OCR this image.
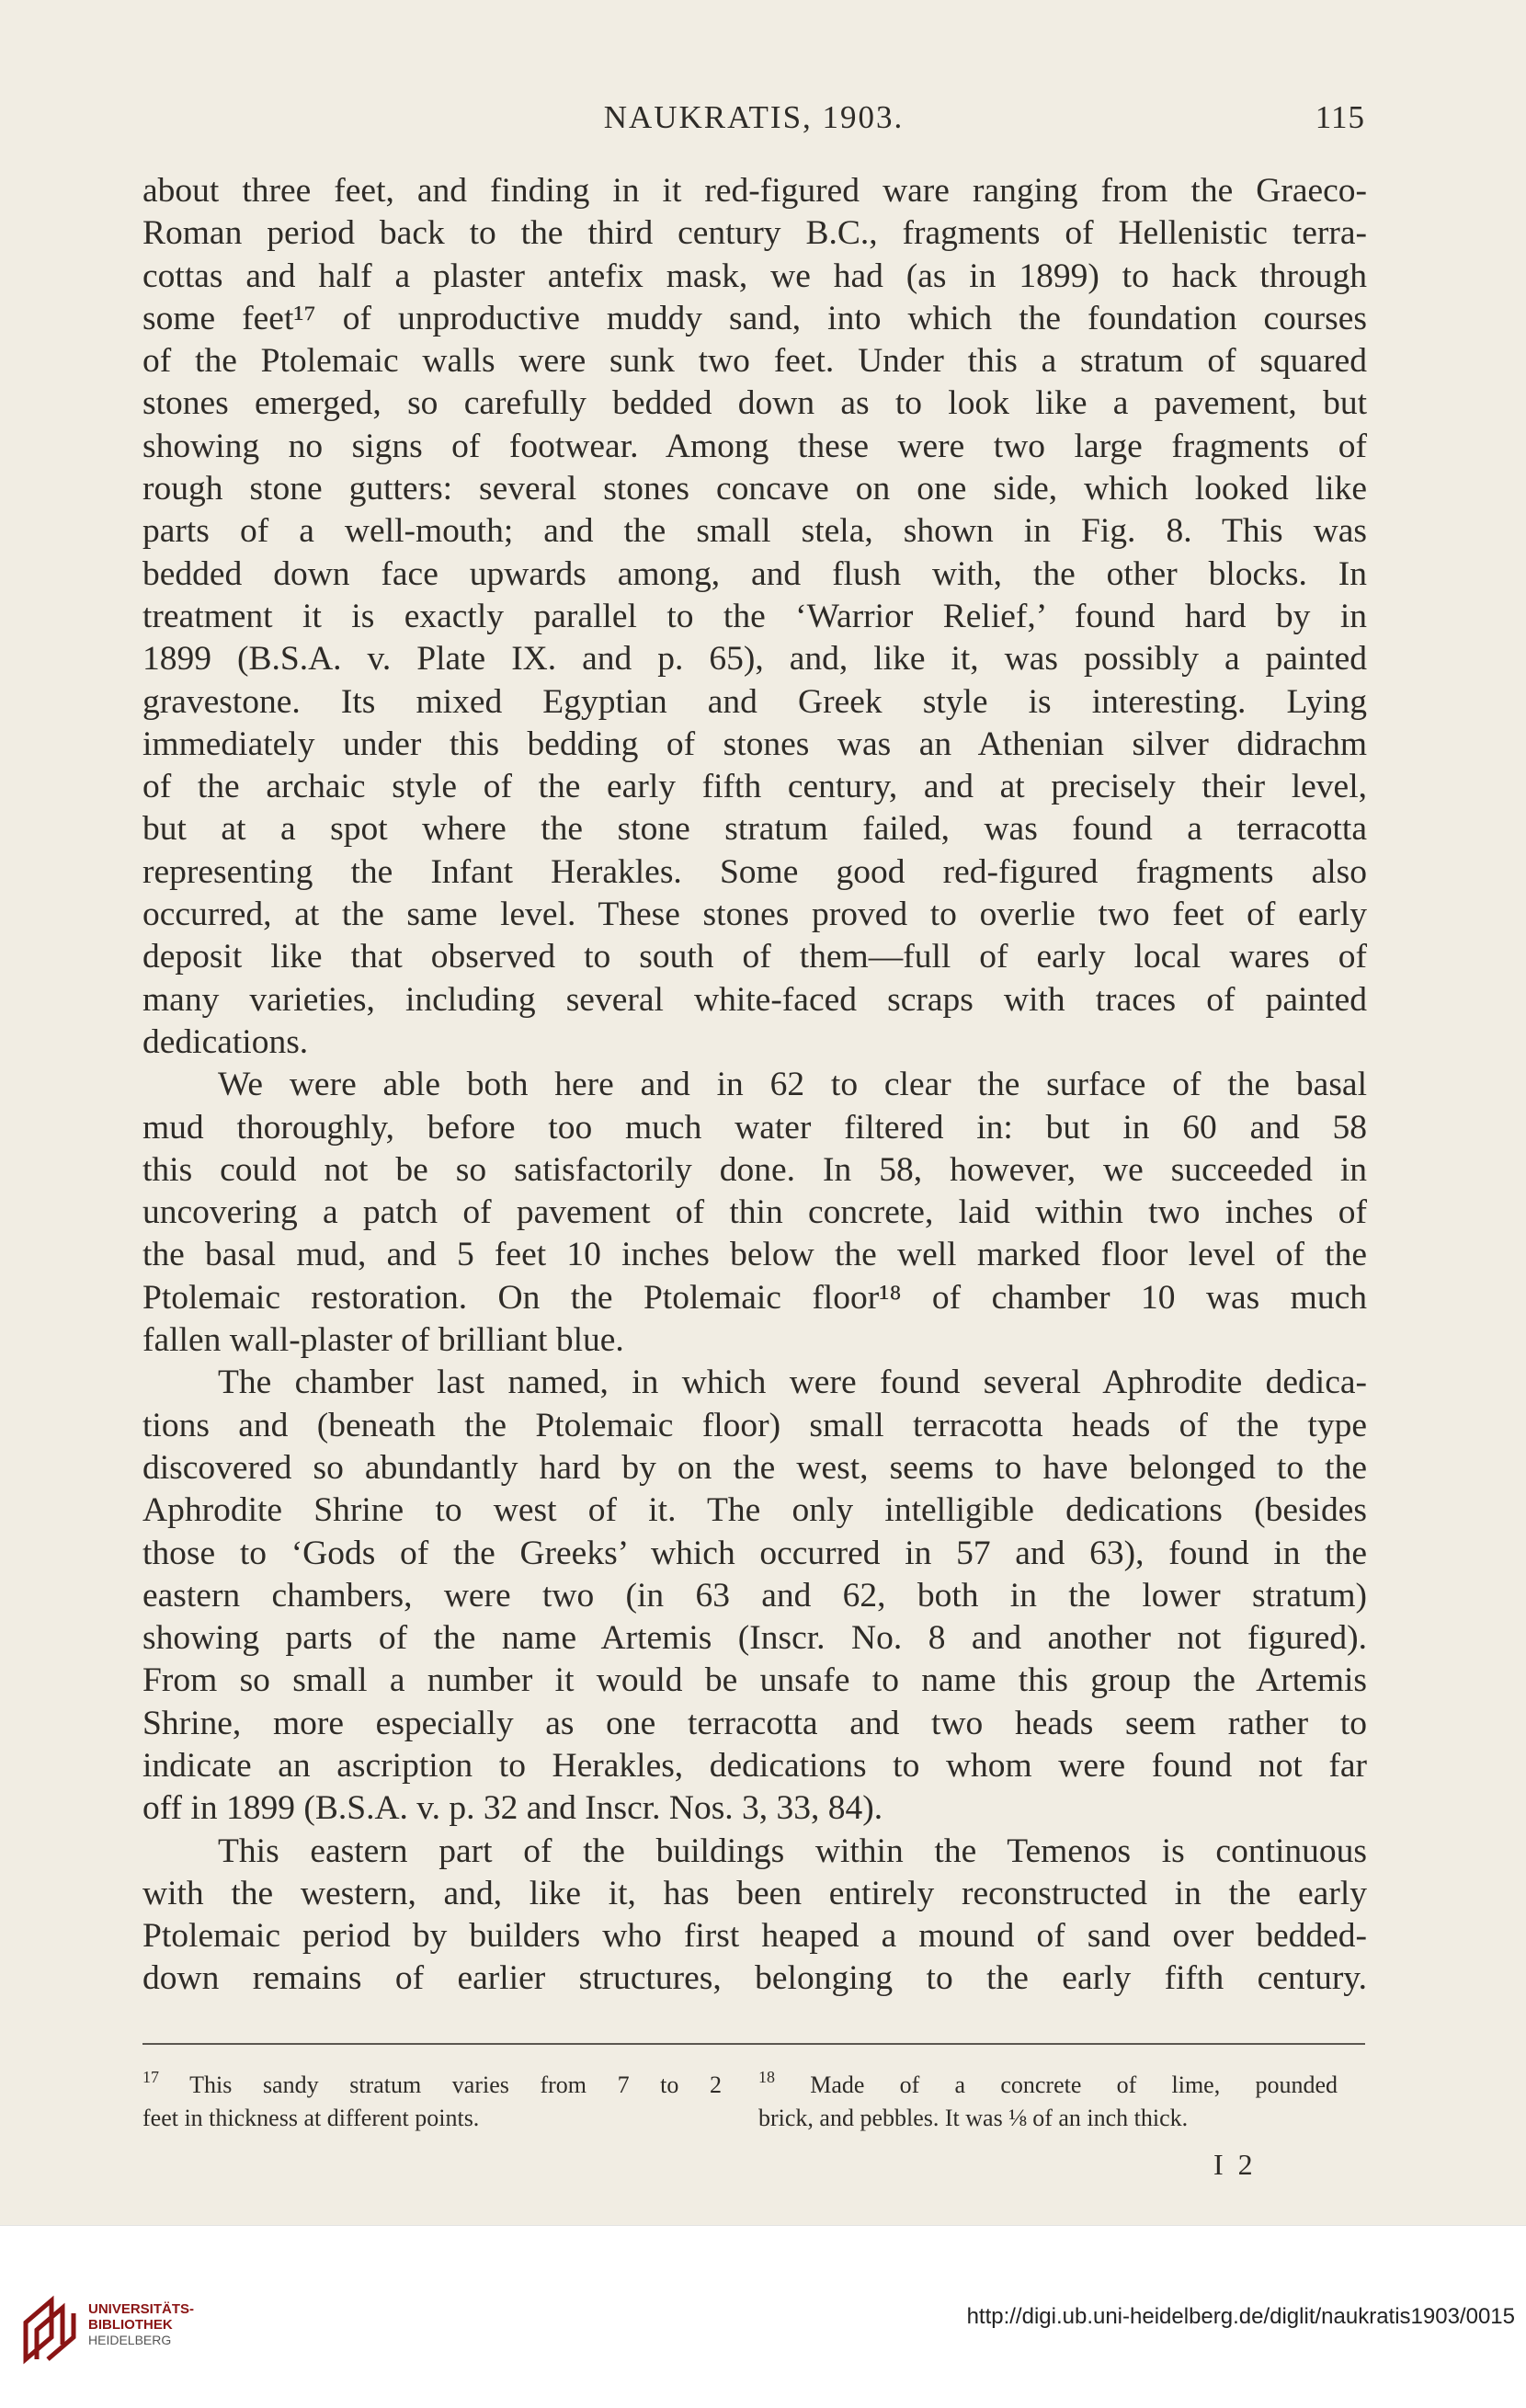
NAUKRATIS, 1903.	115
about three feet, and finding in it red-figured ware ranging from the Graeco-
Roman period back to the third century B.C., fragments of Hellenistic terra-
cottas and half a plaster antefix mask, we had (as in 1899) to hack through
some feet¹⁷ of unproductive muddy sand, into which the foundation courses
of the Ptolemaic walls were sunk two feet. Under this a stratum of squared
stones emerged, so carefully bedded down as to look like a pavement, but
showing no signs of footwear. Among these were two large fragments of
rough stone gutters: several stones concave on one side, which looked like
parts of a well-mouth; and the small stela, shown in Fig. 8. This was
bedded down face upwards among, and flush with, the other blocks. In
treatment it is exactly parallel to the ‘Warrior Relief,’ found hard by in
1899 (B.S.A. v. Plate IX. and p. 65), and, like it, was possibly a painted
gravestone. Its mixed Egyptian and Greek style is interesting. Lying
immediately under this bedding of stones was an Athenian silver didrachm
of the archaic style of the early fifth century, and at precisely their level,
but at a spot where the stone stratum failed, was found a terracotta
representing the Infant Herakles. Some good red-figured fragments also
occurred, at the same level. These stones proved to overlie two feet of early
deposit like that observed to south of them—full of early local wares of
many varieties, including several white-faced scraps with traces of painted
dedications.
We were able both here and in 62 to clear the surface of the basal
mud thoroughly, before too much water filtered in: but in 60 and 58
this could not be so satisfactorily done. In 58, however, we succeeded in
uncovering a patch of pavement of thin concrete, laid within two inches of
the basal mud, and 5 feet 10 inches below the well marked floor level of the
Ptolemaic restoration. On the Ptolemaic floor¹⁸ of chamber 10 was much
fallen wall-plaster of brilliant blue.
The chamber last named, in which were found several Aphrodite dedica-
tions and (beneath the Ptolemaic floor) small terracotta heads of the type
discovered so abundantly hard by on the west, seems to have belonged to the
Aphrodite Shrine to west of it. The only intelligible dedications (besides
those to ‘Gods of the Greeks’ which occurred in 57 and 63), found in the
eastern chambers, were two (in 63 and 62, both in the lower stratum)
showing parts of the name Artemis (Inscr. No. 8 and another not figured).
From so small a number it would be unsafe to name this group the Artemis
Shrine, more especially as one terracotta and two heads seem rather to
indicate an ascription to Herakles, dedications to whom were found not far
off in 1899 (B.S.A. v. p. 32 and Inscr. Nos. 3, 33, 84).
This eastern part of the buildings within the Temenos is continuous
with the western, and, like it, has been entirely reconstructed in the early
Ptolemaic period by builders who first heaped a mound of sand over bedded-
down remains of earlier structures, belonging to the early fifth century.
$^{17}$ This sandy stratum varies from 7 to 2
feet in thickness at different points.
$^{18}$ Made of a concrete of lime, pounded
brick, and pebbles. It was ⅛ of an inch thick.
I 2
UNIVERSITÄTS-
BIBLIOTHEK
HEIDELBERG
http://digi.ub.uni-heidelberg.de/diglit/naukratis1903/0015
